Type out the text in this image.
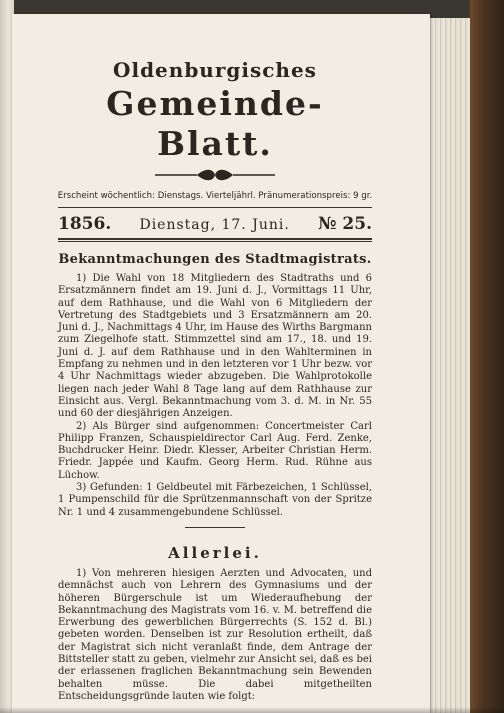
Oldenburgisches
Gemeinde-Blatt.
Erscheint wöchentlich: Dienstags. Vierteljährl. Pränumerationspreis: 9 gr.
1856. Dienstag, 17. Juni. № 25.
Bekanntmachungen des Stadtmagistrats.

1) Die Wahl von 18 Mitgliedern des Stadtraths und 6 Ersatzmännern findet am 19. Juni d. J., Vormittags 11 Uhr, auf dem Rathhause, und die Wahl von 6 Mitgliedern der Vertretung des Stadtgebiets und 3 Ersatzmännern am 20. Juni d. J., Nachmittags 4 Uhr, im Hause des Wirths Bargmann zum Ziegelhofe statt. Stimmzettel sind am 17., 18. und 19. Juni d. J. auf dem Rathhause und in den Wahlterminen in Empfang zu nehmen und in den letzteren vor 1 Uhr bezw. vor 4 Uhr Nachmittags wieder abzugeben. Die Wahlprotokolle liegen nach jeder Wahl 8 Tage lang auf dem Rathhause zur Einsicht aus. Vergl. Bekanntmachung vom 3. d. M. in Nr. 55 und 60 der diesjährigen Anzeigen.

2) Als Bürger sind aufgenommen: Concertmeister Carl Philipp Franzen, Schauspieldirector Carl Aug. Ferd. Zenke, Buchdrucker Heinr. Diedr. Klesser, Arbeiter Christian Herm. Friedr. Jappée und Kaufm. Georg Herm. Rud. Rühne aus Lüchow.

3) Gefunden: 1 Geldbeutel mit Färbezeichen, 1 Schlüssel, 1 Pumpenschild für die Sprützenmannschaft von der Spritze Nr. 1 und 4 zusammengebundene Schlüssel.

Allerlei.

1) Von mehreren hiesigen Aerzten und Advocaten, und demnächst auch von Lehrern des Gymnasiums und der höheren Bürgerschule ist um Wiederaufhebung der Bekanntmachung des Magistrats vom 16. v. M. betreffend die Erwerbung des gewerblichen Bürgerrechts (S. 152 d. Bl.) gebeten worden. Denselben ist zur Resolution ertheilt, daß der Magistrat sich nicht veranlaßt finde, dem Antrage der Bittsteller statt zu geben, vielmehr zur Ansicht sei, daß es bei der erlassenen fraglichen Bekanntmachung sein Bewenden behalten müsse. Die dabei mitgetheilten Entscheidungsgründe lauten wie folgt:
